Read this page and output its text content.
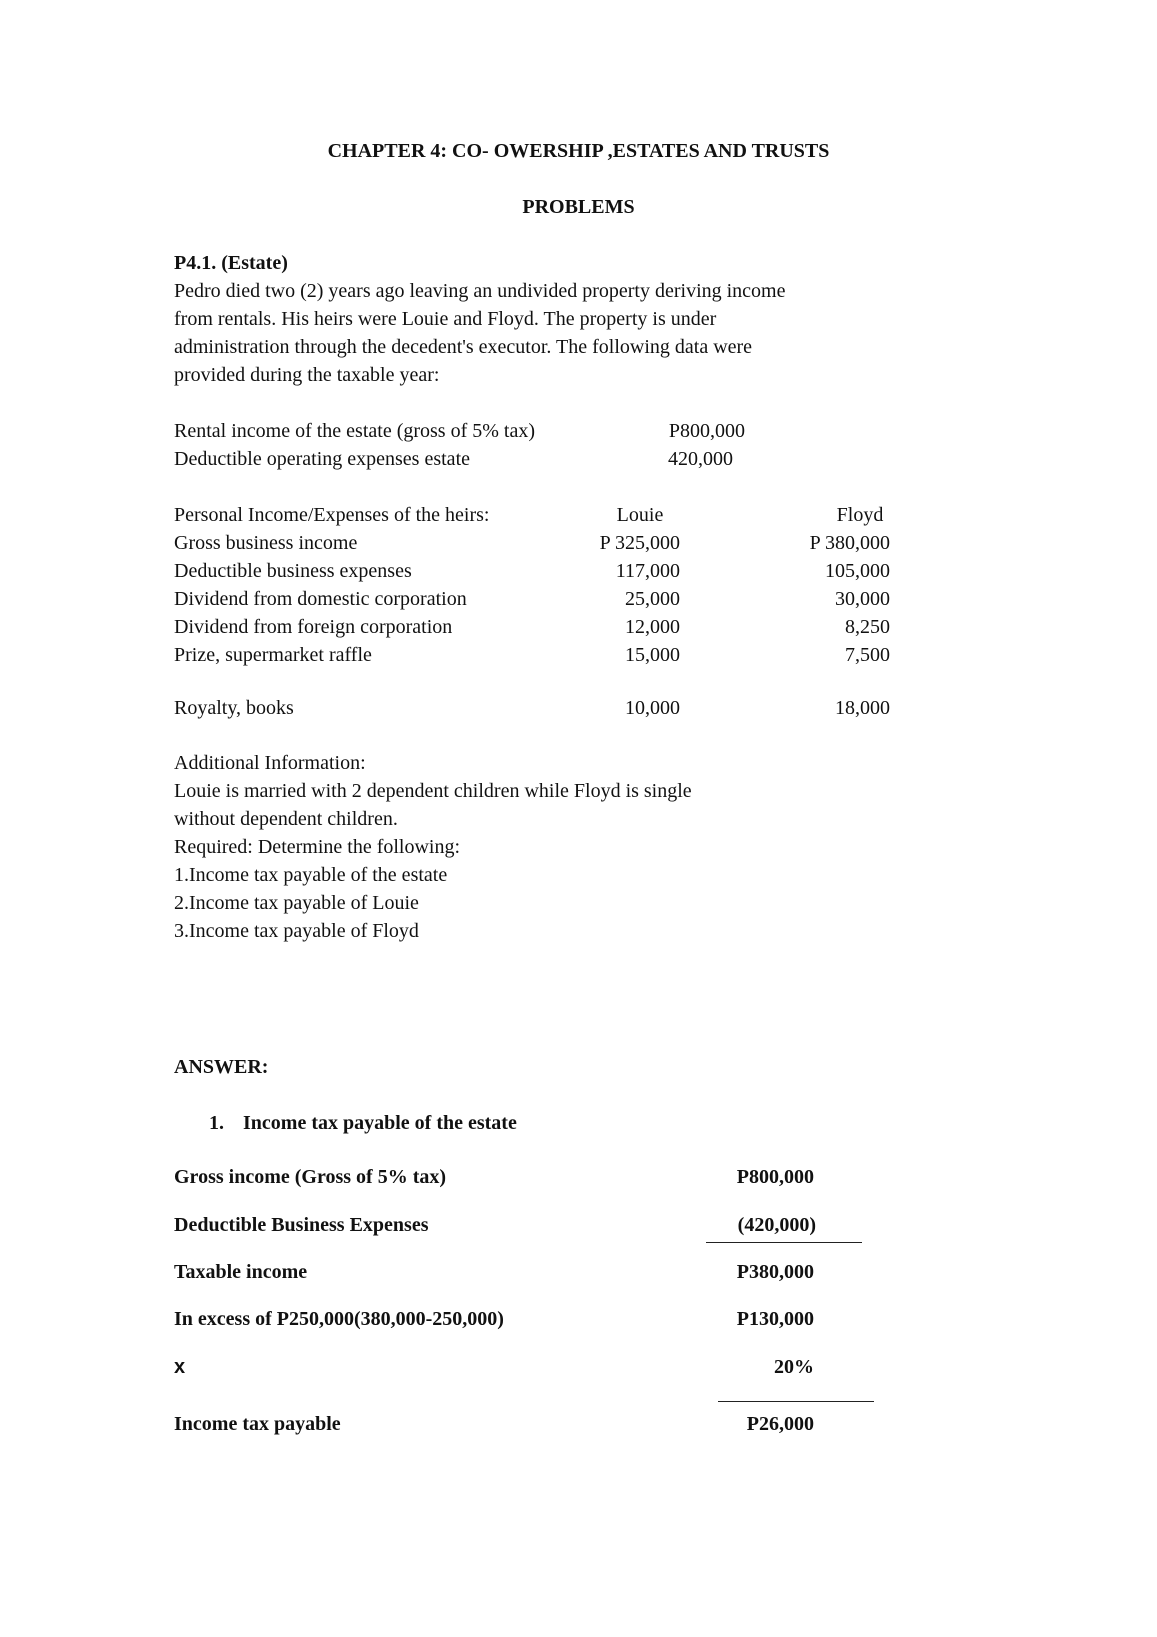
CHAPTER 4: CO- OWERSHIP ,ESTATES AND TRUSTS
PROBLEMS
P4.1. (Estate)
Pedro died two (2) years ago leaving an undivided property deriving income
from rentals. His heirs were Louie and Floyd. The property is under
administration through the decedent's executor. The following data were
provided during the taxable year:
Rental income of the estate (gross of 5% tax)	P800,000
Deductible operating expenses estate	420,000
Personal Income/Expenses of the heirs:	Louie	Floyd
Gross business income	P 325,000	P 380,000
Deductible business expenses	117,000	105,000
Dividend from domestic corporation	25,000	30,000
Dividend from foreign corporation	12,000	8,250
Prize, supermarket raffle	15,000	7,500
Royalty, books	10,000	18,000
Additional Information:
Louie is married with 2 dependent children while Floyd is single
without dependent children.
Required: Determine the following:
1.Income tax payable of the estate
2.Income tax payable of Louie
3.Income tax payable of Floyd
ANSWER:
1. Income tax payable of the estate
Gross income (Gross of 5% tax)	P800,000
Deductible Business Expenses	(420,000)
Taxable income	P380,000
In excess of P250,000(380,000-250,000)	P130,000
x	20%
Income tax payable	P26,000
